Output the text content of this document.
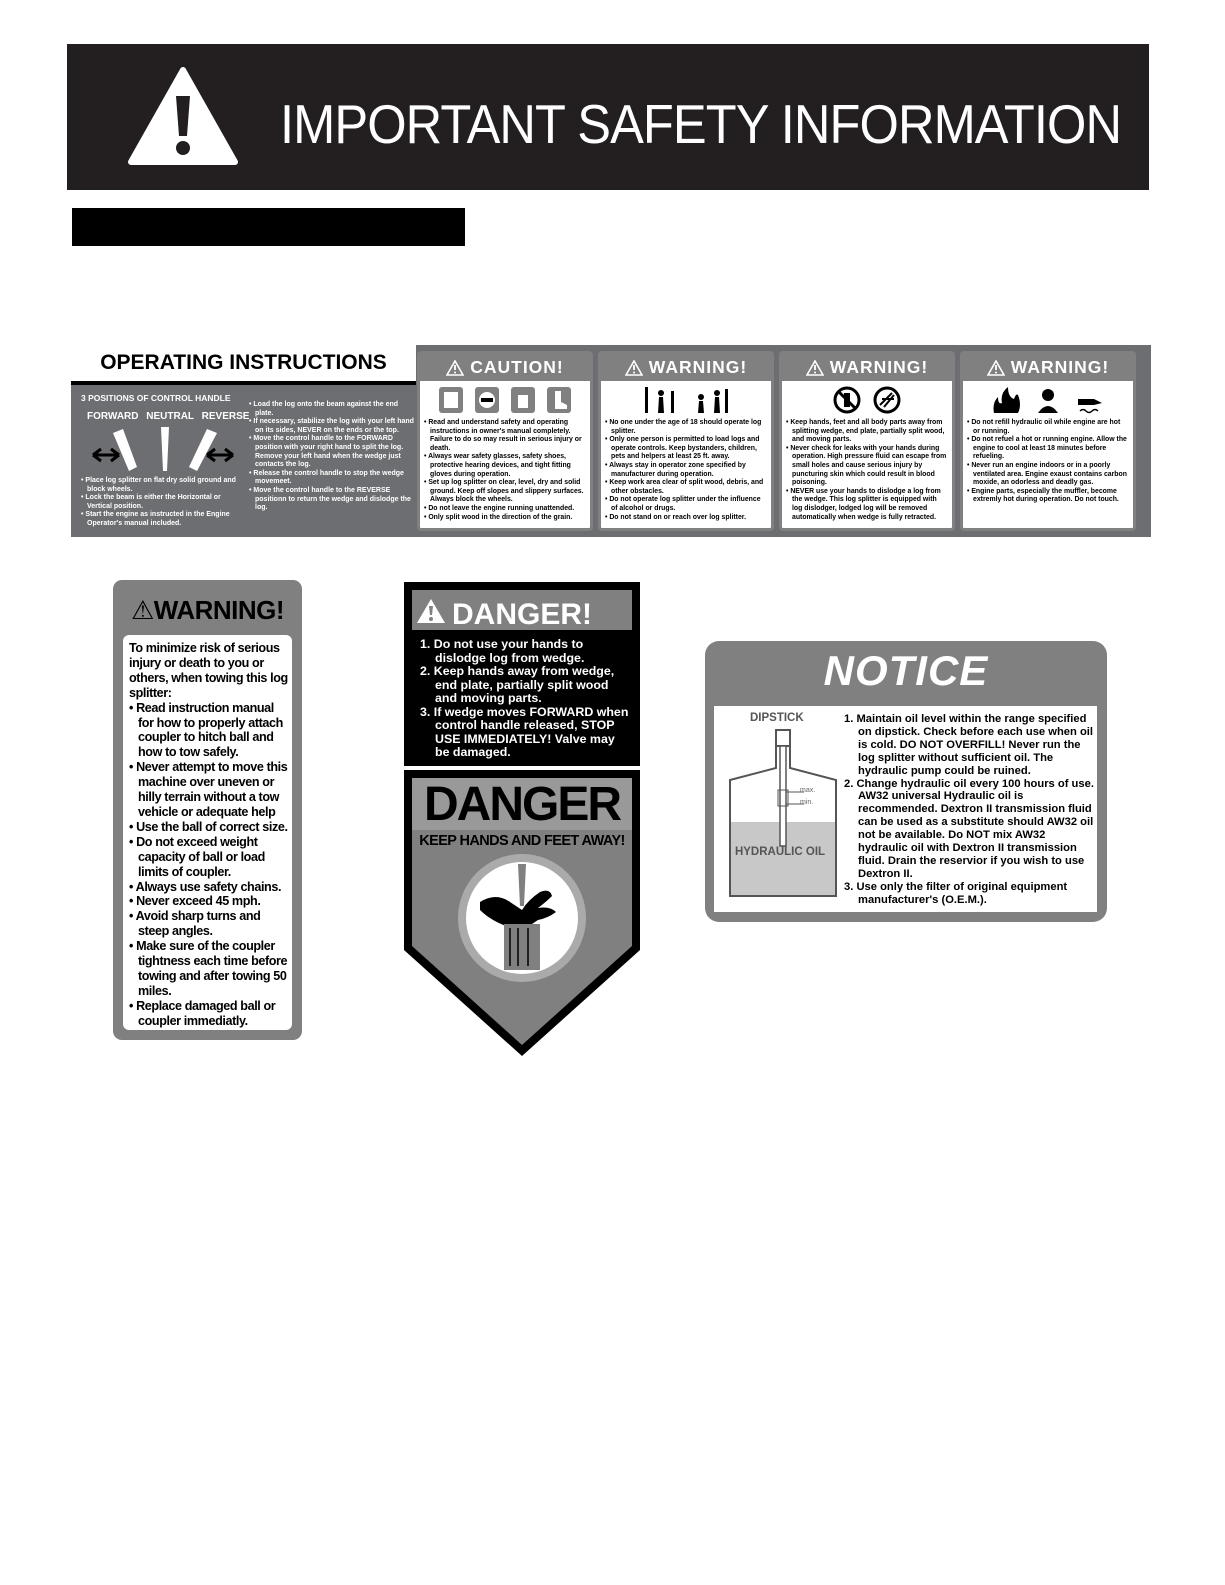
IMPORTANT SAFETY INFORMATION
OPERATING INSTRUCTIONS
3 POSITIONS OF CONTROL HANDLE
FORWARD NEUTRAL REVERSE
• Place log splitter on flat dry solid ground and block wheels.
• Lock the beam is either the Horizontal or Vertical position.
• Start the engine as instructed in the Engine Operator's manual included.
• Load the log onto the beam against the end plate.
• If necessary, stabilize the log with your left hand on its sides, NEVER on the ends or the top.
• Move the control handle to the FORWARD position with your right hand to split the log. Remove your left hand when the wedge just contacts the log.
• Release the control handle to stop the wedge movemeet.
• Move the control handle to the REVERSE positionn to return the wedge and dislodge the log.
CAUTION!
• Read and understand safety and operating instructions in owner's manual completely. Failure to do so may result in serious injury or death.
• Always wear safety glasses, safety shoes, protective hearing devices, and tight fitting gloves during operation.
• Set up log splitter on clear, level, dry and solid ground. Keep off slopes and slippery surfaces. Always block the wheels.
• Do not leave the engine running unattended.
• Only split wood in the direction of the grain.
WARNING!
• No one under the age of 18 should operate log splitter.
• Only one person is permitted to load logs and operate controls. Keep bystanders, children, pets and helpers at least 25 ft. away.
• Always stay in operator zone specified by manufacturer during operation.
• Keep work area clear of split wood, debris, and other obstacles.
• Do not operate log splitter under the influence of alcohol or drugs.
• Do not stand on or reach over log splitter.
WARNING!
• Keep hands, feet and all body parts away from splitting wedge, end plate, partially split wood, and moving parts.
• Never check for leaks with your hands during operation. High pressure fluid can escape from small holes and cause serious injury by puncturing skin which could result in blood poisoning.
• NEVER use your hands to dislodge a log from the wedge. This log splitter is equipped with log dislodger, lodged log will be removed automatically when wedge is fully retracted.
WARNING!
• Do not refill hydraulic oil while engine are hot or running.
• Do not refuel a hot or running engine. Allow the engine to cool at least 18 minutes before refueling.
• Never run an engine indoors or in a poorly ventilated area. Engine exaust contains carbon moxide, an odorless and deadly gas.
• Engine parts, especially the muffler, become extremly hot during operation. Do not touch.
⚠WARNING!
To minimize risk of serious injury or death to you or others, when towing this log splitter:
• Read instruction manual for how to properly attach coupler to hitch ball and how to tow safely.
• Never attempt to move this machine over uneven or hilly terrain without a tow vehicle or adequate help
• Use the ball of correct size.
• Do not exceed weight capacity of ball or load limits of coupler.
• Always use safety chains.
• Never exceed 45 mph.
• Avoid sharp turns and steep angles.
• Make sure of the coupler tightness each time before towing and after towing 50 miles.
• Replace damaged ball or coupler immediatly.
DANGER!
1. Do not use your hands to dislodge log from wedge.
2. Keep hands away from wedge, end plate, partially split wood and moving parts.
3. If wedge moves FORWARD when control handle released, STOP USE IMMEDIATELY! Valve may be damaged.
DANGER
KEEP HANDS AND FEET AWAY!
NOTICE
DIPSTICK
max.
min.
HYDRAULIC OIL
1. Maintain oil level within the range specified on dipstick. Check before each use when oil is cold. DO NOT OVERFILL! Never run the log splitter without sufficient oil. The hydraulic pump could be ruined.
2. Change hydraulic oil every 100 hours of use. AW32 universal Hydraulic oil is recommended. Dextron II transmission fluid can be used as a substitute should AW32 oil not be available. Do NOT mix AW32 hydraulic oil with Dextron II transmission fluid. Drain the reservior if you wish to use Dextron II.
3. Use only the filter of original equipment manufacturer's (O.E.M.).
